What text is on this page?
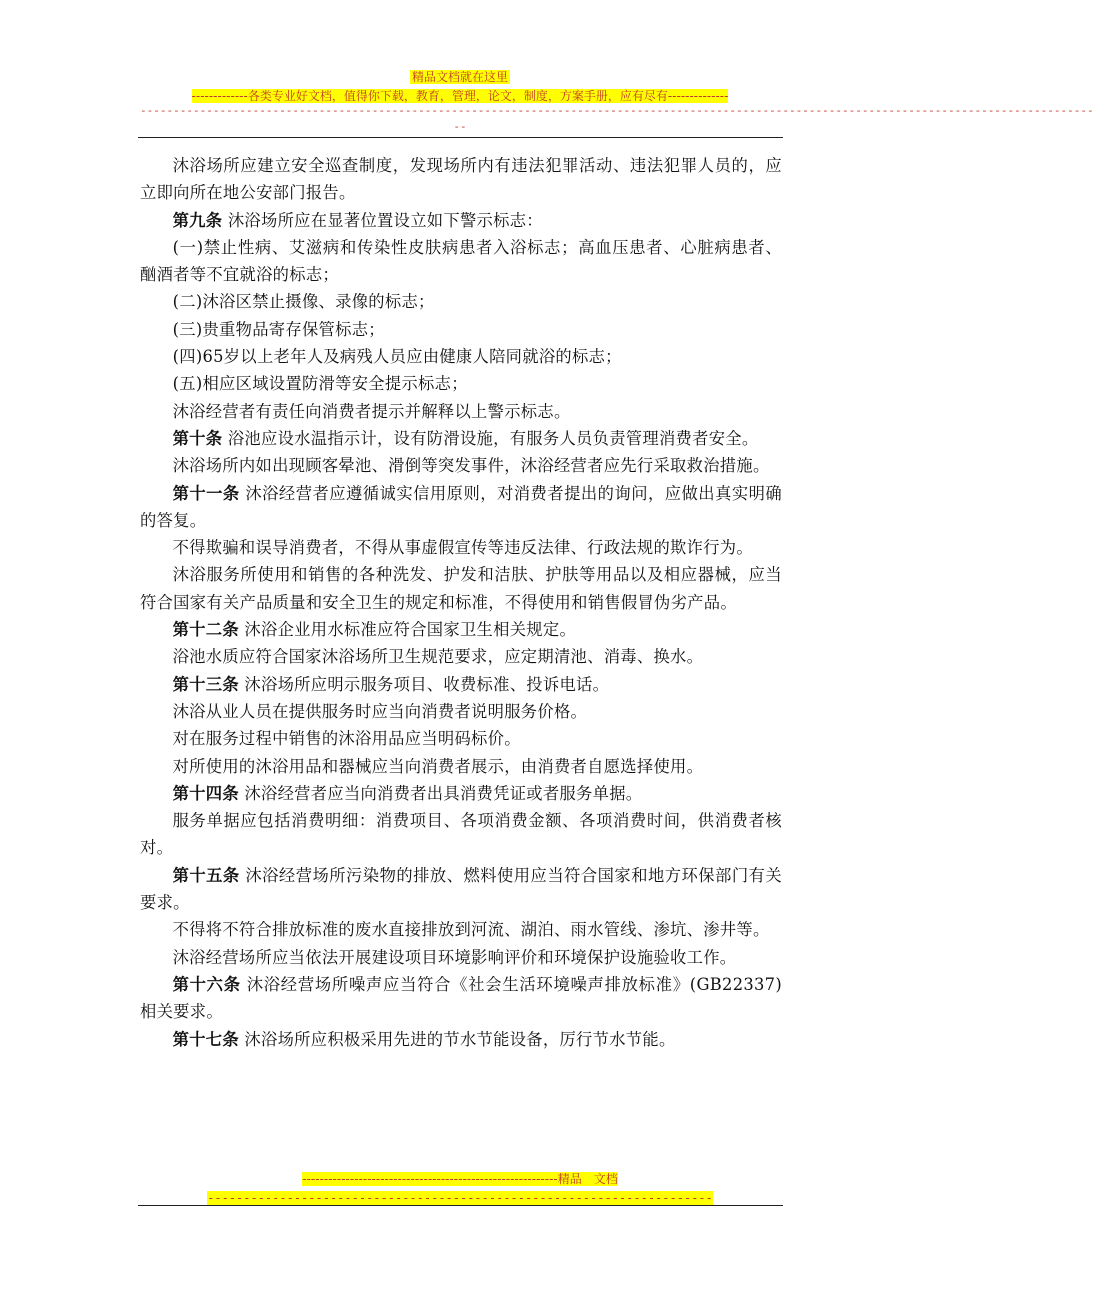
精品文档就在这里
-------------各类专业好文档，值得你下载，教育，管理，论文，制度，方案手册，应有尽有--------------
------------------------------------------------------------------------------------------------------------------------------------------------
--

沐浴场所应建立安全巡查制度，发现场所内有违法犯罪活动、违法犯罪人员的，应立即向所在地公安部门报告。

第九条 沐浴场所应在显著位置设立如下警示标志：

(一)禁止性病、艾滋病和传染性皮肤病患者入浴标志；高血压患者、心脏病患者、酗酒者等不宜就浴的标志；

(二)沐浴区禁止摄像、录像的标志；

(三)贵重物品寄存保管标志；

(四)65岁以上老年人及病残人员应由健康人陪同就浴的标志；

(五)相应区域设置防滑等安全提示标志；

沐浴经营者有责任向消费者提示并解释以上警示标志。

第十条 浴池应设水温指示计，设有防滑设施，有服务人员负责管理消费者安全。

沐浴场所内如出现顾客晕池、滑倒等突发事件，沐浴经营者应先行采取救治措施。

第十一条 沐浴经营者应遵循诚实信用原则，对消费者提出的询问，应做出真实明确的答复。

不得欺骗和误导消费者，不得从事虚假宣传等违反法律、行政法规的欺诈行为。

沐浴服务所使用和销售的各种洗发、护发和洁肤、护肤等用品以及相应器械，应当符合国家有关产品质量和安全卫生的规定和标准，不得使用和销售假冒伪劣产品。

第十二条 沐浴企业用水标准应符合国家卫生相关规定。

浴池水质应符合国家沐浴场所卫生规范要求，应定期清池、消毒、换水。

第十三条 沐浴场所应明示服务项目、收费标准、投诉电话。

沐浴从业人员在提供服务时应当向消费者说明服务价格。

对在服务过程中销售的沐浴用品应当明码标价。

对所使用的沐浴用品和器械应当向消费者展示，由消费者自愿选择使用。

第十四条 沐浴经营者应当向消费者出具消费凭证或者服务单据。

服务单据应包括消费明细：消费项目、各项消费金额、各项消费时间，供消费者核对。

第十五条 沐浴经营场所污染物的排放、燃料使用应当符合国家和地方环保部门有关要求。

不得将不符合排放标准的废水直接排放到河流、湖泊、雨水管线、渗坑、渗井等。

沐浴经营场所应当依法开展建设项目环境影响评价和环境保护设施验收工作。

第十六条 沐浴经营场所噪声应当符合《社会生活环境噪声排放标准》(GB22337)相关要求。

第十七条 沐浴场所应积极采用先进的节水节能设备，厉行节水节能。

-----------------------------------------------------------精品　文档
----------------------------------------------------------------------
